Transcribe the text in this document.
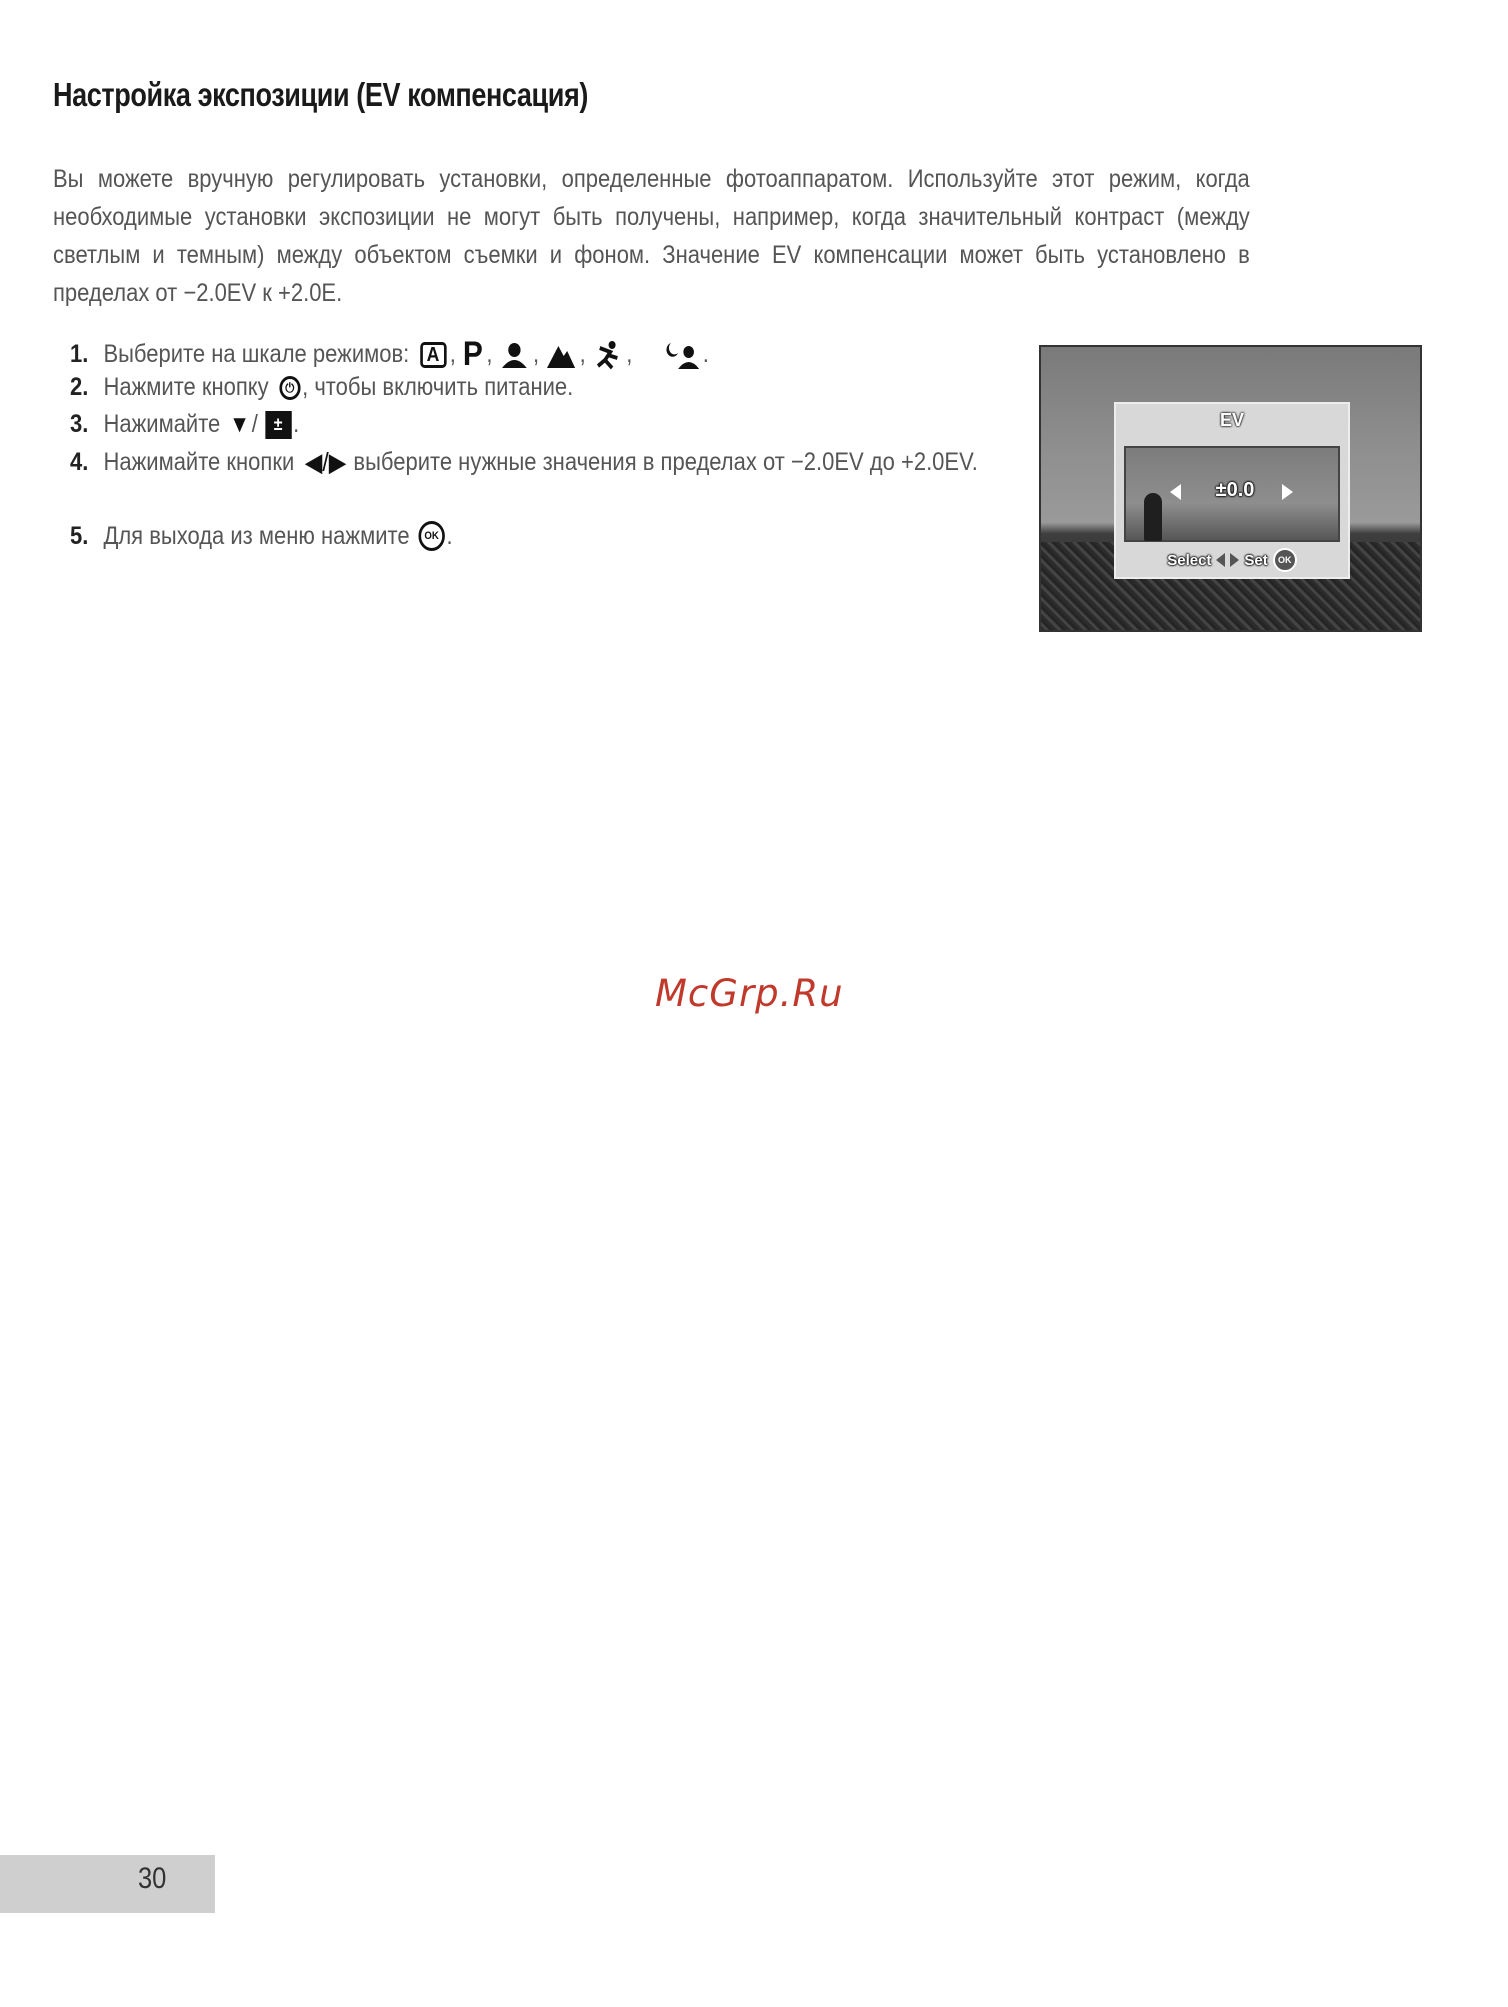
Настройка экспозиции (EV компенсация)
Вы можете вручную регулировать установки, определенные фотоаппаратом. Используйте этот режим, когда необходимые установки экспозиции не могут быть получены, например, когда значительный контраст (между светлым и темным) между объектом съемки и фоном. Значение EV компенсации может быть установлено в пределах от −2.0EV к +2.0E.
1. Выберите на шкале режимов: A , P , , , ,	.
2. Нажмите кнопку	⏻ , чтобы включить питание.
3. Нажимайте ▼ / ± .
4. Нажимайте кнопки ◀/▶ выберите нужные значения в пределах от −2.0EV до +2.0EV.
5. Для выхода из меню нажмите	OK .
EV
±0.0
Select Set	OK
McGrp.Ru
30
